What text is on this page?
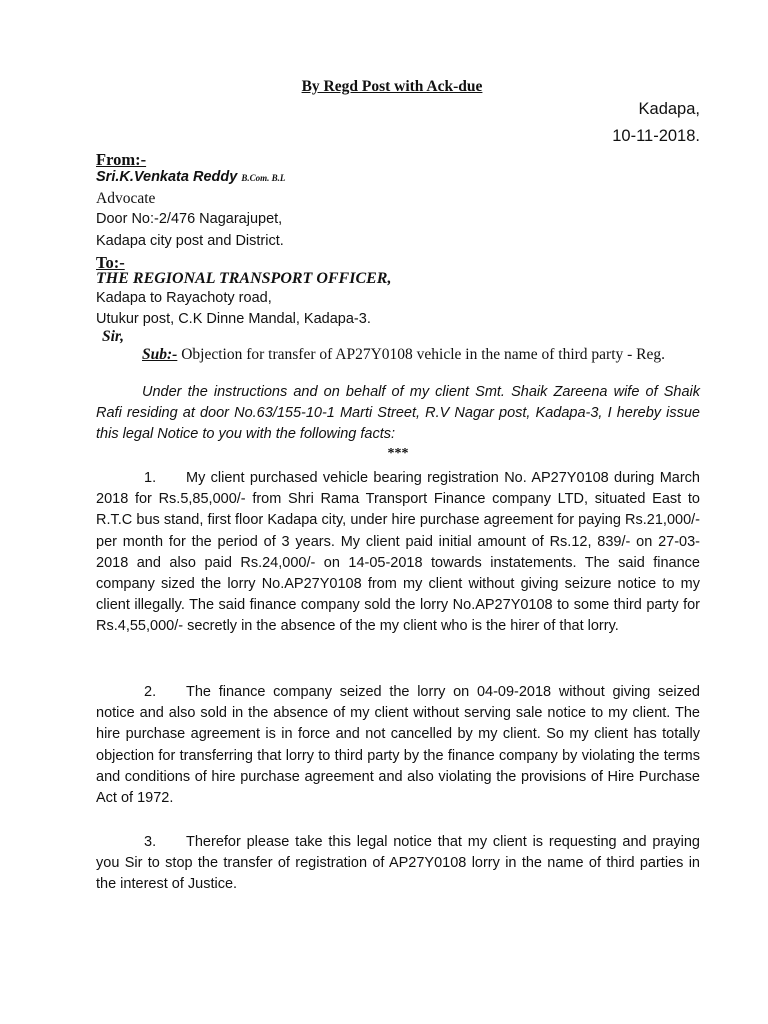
By Regd Post with Ack-due
Kadapa,
10-11-2018.
From:-
Sri.K.Venkata Reddy B.Com. B.L
Advocate
Door No:-2/476 Nagarajupet,
Kadapa city post and District.
To:-
THE REGIONAL TRANSPORT OFFICER,
Kadapa to Rayachoty road,
Utukur post, C.K Dinne Mandal, Kadapa-3.
Sir,
Sub:- Objection for transfer of AP27Y0108 vehicle in the name of third party - Reg.
Under the instructions and on behalf of my client Smt. Shaik Zareena wife of Shaik Rafi residing at door No.63/155-10-1 Marti Street, R.V Nagar post, Kadapa-3, I hereby issue this legal Notice to you with the following facts:
***
1. My client purchased vehicle bearing registration No. AP27Y0108 during March 2018 for Rs.5,85,000/- from Shri Rama Transport Finance company LTD, situated East to R.T.C bus stand, first floor Kadapa city, under hire purchase agreement for paying Rs.21,000/- per month for the period of 3 years. My client paid initial amount of Rs.12, 839/- on 27-03-2018 and also paid Rs.24,000/- on 14-05-2018 towards instatements. The said finance company sized the lorry No.AP27Y0108 from my client without giving seizure notice to my client illegally. The said finance company sold the lorry No.AP27Y0108 to some third party for Rs.4,55,000/- secretly in the absence of the my client who is the hirer of that lorry.
2. The finance company seized the lorry on 04-09-2018 without giving seized notice and also sold in the absence of my client without serving sale notice to my client. The hire purchase agreement is in force and not cancelled by my client. So my client has totally objection for transferring that lorry to third party by the finance company by violating the terms and conditions of hire purchase agreement and also violating the provisions of Hire Purchase Act of 1972.
3. Therefor please take this legal notice that my client is requesting and praying you Sir to stop the transfer of registration of AP27Y0108 lorry in the name of third parties in the interest of Justice.
